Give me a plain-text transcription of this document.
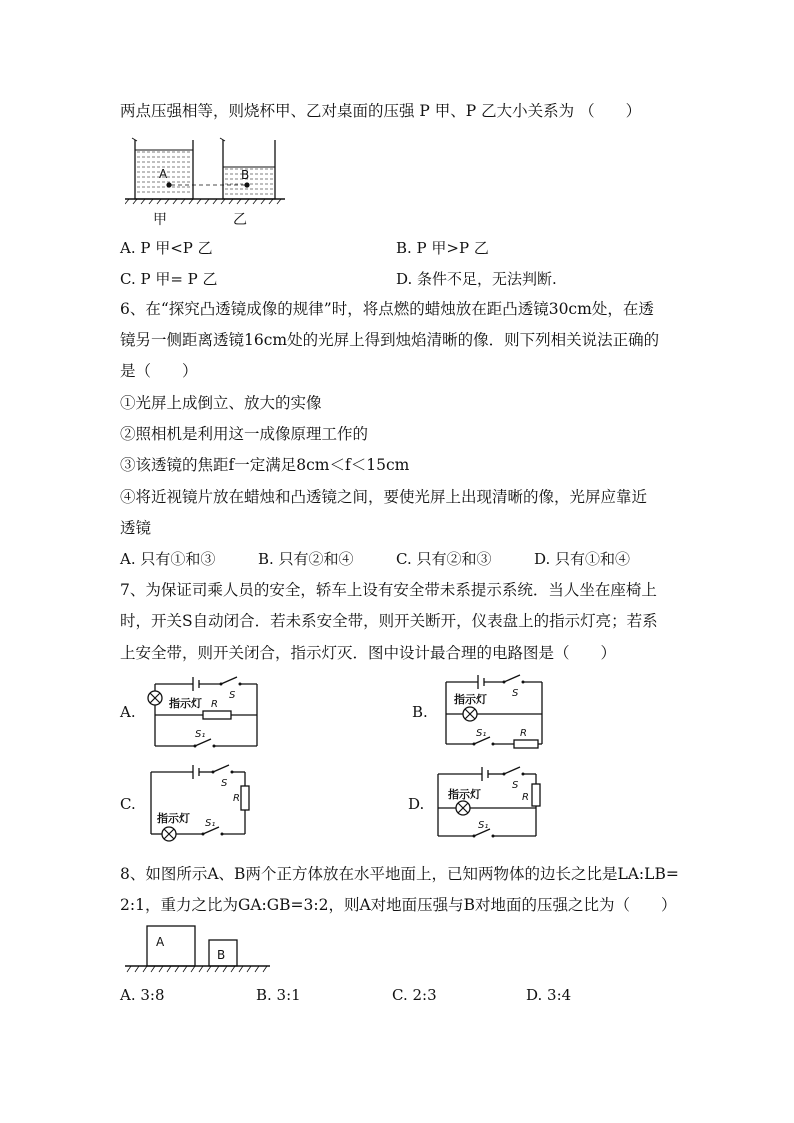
两点压强相等，则烧杯甲、乙对桌面的压强 P 甲、P 乙大小关系为 （　　）
A	B
甲	乙
A. P 甲<P 乙	B. P 甲>P 乙
C. P 甲= P 乙	D. 条件不足，无法判断.
6、在“探究凸透镜成像的规律”时，将点燃的蜡烛放在距凸透镜30cm处，在透
镜另一侧距离透镜16cm处的光屏上得到烛焰清晰的像．则下列相关说法正确的
是（　　）
①光屏上成倒立、放大的实像
②照相机是利用这一成像原理工作的
③该透镜的焦距f一定满足8cm＜f＜15cm
④将近视镜片放在蜡烛和凸透镜之间，要使光屏上出现清晰的像，光屏应靠近
透镜
A. 只有①和③	B. 只有②和④	C. 只有②和③	D. 只有①和④
7、为保证司乘人员的安全，轿车上设有安全带未系提示系统．当人坐在座椅上
时，开关S自动闭合．若未系安全带，则开关断开，仪表盘上的指示灯亮；若系
上安全带，则开关闭合，指示灯灭．图中设计最合理的电路图是（　　）
A.	指示灯
S
R
S₁
B.
指示灯	S
S₁	R
C.
指示灯
S
R
S₁
D.
指示灯
S
R
S₁
8、如图所示A、B两个正方体放在水平地面上，已知两物体的边长之比是LA:LB=
2:1，重力之比为GA:GB=3:2，则A对地面压强与B对地面的压强之比为（　　）
A
B
A. 3:8	B. 3:1	C. 2:3	D. 3:4
